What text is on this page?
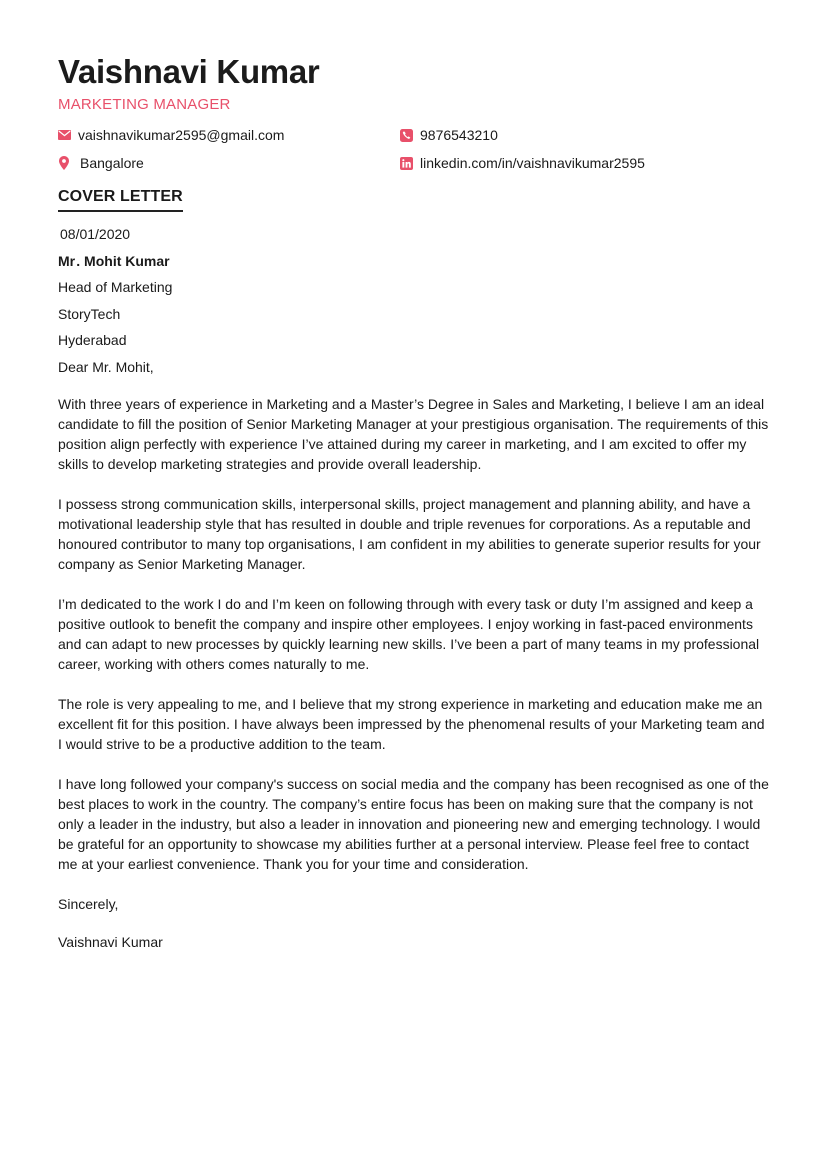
Vaishnavi Kumar
MARKETING MANAGER
vaishnavikumar2595@gmail.com	9876543210
Bangalore	linkedin.com/in/vaishnavikumar2595
COVER LETTER
08/01/2020
Mr . Mohit Kumar
Head of Marketing
StoryTech
Hyderabad
Dear Mr. Mohit,

With three years of experience in Marketing and a Master’s Degree in Sales and Marketing, I believe I am an ideal candidate to fill the position of Senior Marketing Manager at your prestigious organisation. The requirements of this position align perfectly with experience I’ve attained during my career in marketing, and I am excited to offer my skills to develop marketing strategies and provide overall leadership.

I possess strong communication skills, interpersonal skills, project management and planning ability, and have a motivational leadership style that has resulted in double and triple revenues for corporations. As a reputable and honoured contributor to many top organisations, I am confident in my abilities to generate superior results for your company as Senior Marketing Manager.

I’m dedicated to the work I do and I’m keen on following through with every task or duty I’m assigned and keep a positive outlook to benefit the company and inspire other employees. I enjoy working in fast-paced environments and can adapt to new processes by quickly learning new skills. I’ve been a part of many teams in my professional career, working with others comes naturally to me.

The role is very appealing to me, and I believe that my strong experience in marketing and education make me an excellent fit for this position. I have always been impressed by the phenomenal results of your Marketing team and I would strive to be a productive addition to the team.

I have long followed your company's success on social media and the company has been recognised as one of the best places to work in the country. The company’s entire focus has been on making sure that the company is not only a leader in the industry, but also a leader in innovation and pioneering new and emerging technology. I would be grateful for an opportunity to showcase my abilities further at a personal interview. Please feel free to contact me at your earliest convenience. Thank you for your time and consideration.

Sincerely,
Vaishnavi Kumar
